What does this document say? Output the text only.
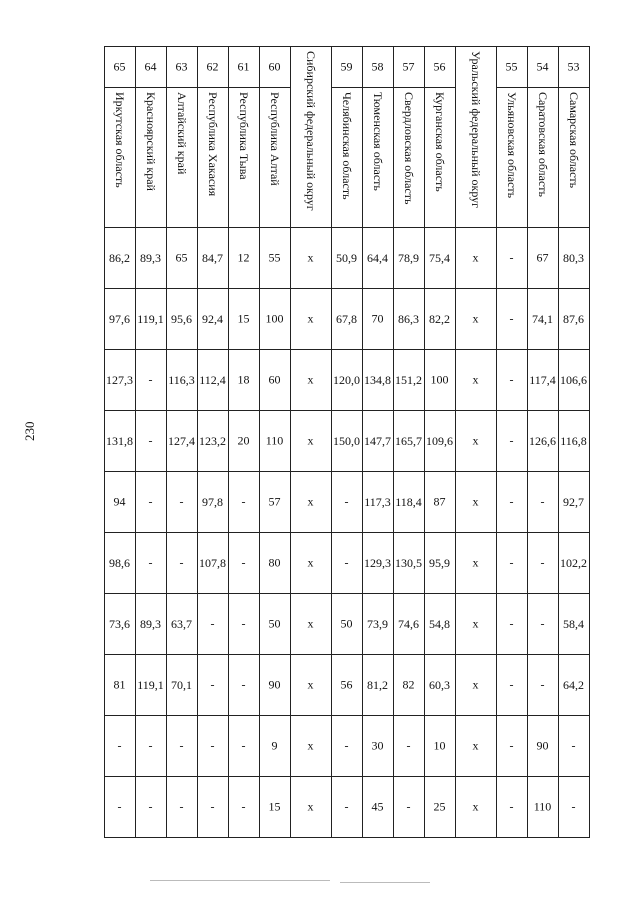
230
53	Самарская область	80,3	87,6	106,6	116,8	92,7	102,2	58,4	64,2	-	-
54	Саратовская область	67	74,1	117,4	126,6	-	-	-	-	90	110
55	Ульяновская область	-	-	-	-	-	-	-	-	-	-
Уральский федеральный округ		x	x	x	x	x	x	x	x	x	x
56	Курганская область	75,4	82,2	100	109,6	87	95,9	54,8	60,3	10	25
57	Свердловская область	78,9	86,3	151,2	165,7	118,4	130,5	74,6	82	-	-
58	Тюменская область	64,4	70	134,8	147,7	117,3	129,3	73,9	81,2	30	45
59	Челябинская область	50,9	67,8	120,0	150,0	-	-	50	56	-	-
Сибирский федеральный округ		x	x	x	x	x	x	x	x	x	x
60	Республика Алтай	55	100	60	110	57	80	50	90	9	15
61	Республика Тыва	12	15	18	20	-	-	-	-	-	-
62	Республика Хакасия	84,7	92,4	112,4	123,2	97,8	107,8	-	-	-	-
63	Алтайский край	65	95,6	116,3	127,4	-	-	63,7	70,1	-	-
64	Красноярский край	89,3	119,1	-	-	-	-	89,3	119,1	-	-
65	Иркутская область	86,2	97,6	127,3	131,8	94	98,6	73,6	81	-	-
